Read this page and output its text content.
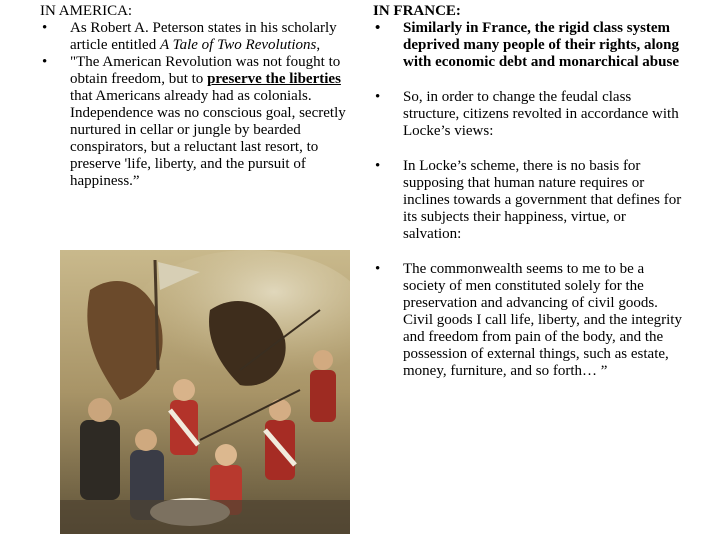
IN AMERICA:

• As Robert A. Peterson states in his scholarly article entitled A Tale of Two Revolutions,
• "The American Revolution was not fought to obtain freedom, but to preserve the liberties that Americans already had as colonials. Independence was no conscious goal, secretly nurtured in cellar or jungle by bearded conspirators, but a reluctant last resort, to preserve 'life, liberty, and the pursuit of happiness.”

IN FRANCE:

• Similarly in France, the rigid class system deprived many people of their rights, along with economic debt and monarchical abuse
• So, in order to change the feudal class structure, citizens revolted in accordance with Locke’s views:
• In Locke’s scheme, there is no basis for supposing that human nature requires or inclines towards a government that defines for its subjects their happiness, virtue, or salvation:
• The commonwealth seems to me to be a society of men constituted solely for the preservation and advancing of civil goods. Civil goods I call life, liberty, and the integrity and freedom from pain of the body, and the possession of external things, such as estate, money, furniture, and so forth… ”
